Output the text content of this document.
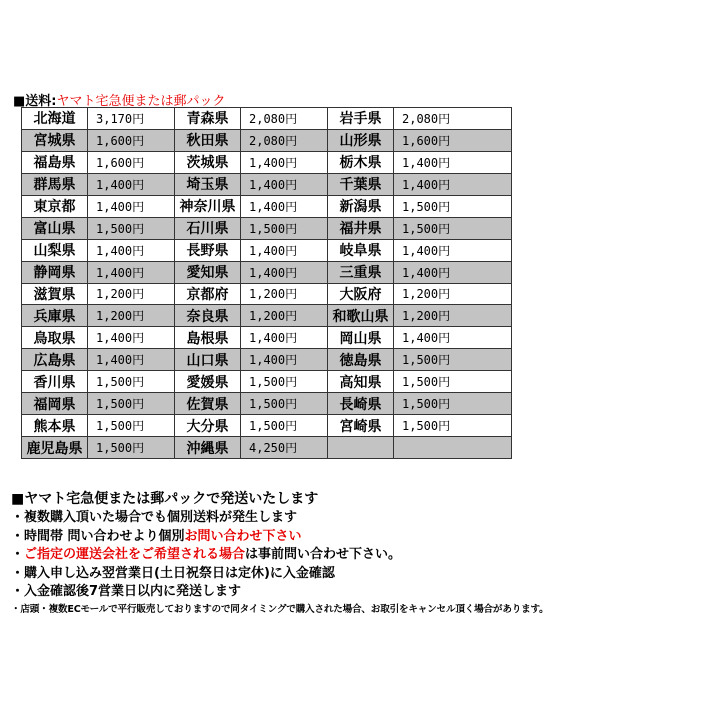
■送料:ヤマト宅急便または郵パック
北海道	3,170円	青森県	2,080円	岩手県	2,080円
宮城県	1,600円	秋田県	2,080円	山形県	1,600円
福島県	1,600円	茨城県	1,400円	栃木県	1,400円
群馬県	1,400円	埼玉県	1,400円	千葉県	1,400円
東京都	1,400円	神奈川県	1,400円	新潟県	1,500円
富山県	1,500円	石川県	1,500円	福井県	1,500円
山梨県	1,400円	長野県	1,400円	岐阜県	1,400円
静岡県	1,400円	愛知県	1,400円	三重県	1,400円
滋賀県	1,200円	京都府	1,200円	大阪府	1,200円
兵庫県	1,200円	奈良県	1,200円	和歌山県	1,200円
鳥取県	1,400円	島根県	1,400円	岡山県	1,400円
広島県	1,400円	山口県	1,400円	徳島県	1,500円
香川県	1,500円	愛媛県	1,500円	高知県	1,500円
福岡県	1,500円	佐賀県	1,500円	長崎県	1,500円
熊本県	1,500円	大分県	1,500円	宮崎県	1,500円
鹿児島県	1,500円	沖縄県	4,250円		
■ヤマト宅急便または郵パックで発送いたします
・複数購入頂いた場合でも個別送料が発生します
・時間帯 問い合わせより個別お問い合わせ下さい
・ご指定の運送会社をご希望される場合は事前問い合わせ下さい。
・購入申し込み翌営業日(土日祝祭日は定休)に入金確認
・入金確認後7営業日以内に発送します
・店頭・複数ECモールで平行販売しておりますので同タイミングで購入された場合、お取引をキャンセル頂く場合があります。
